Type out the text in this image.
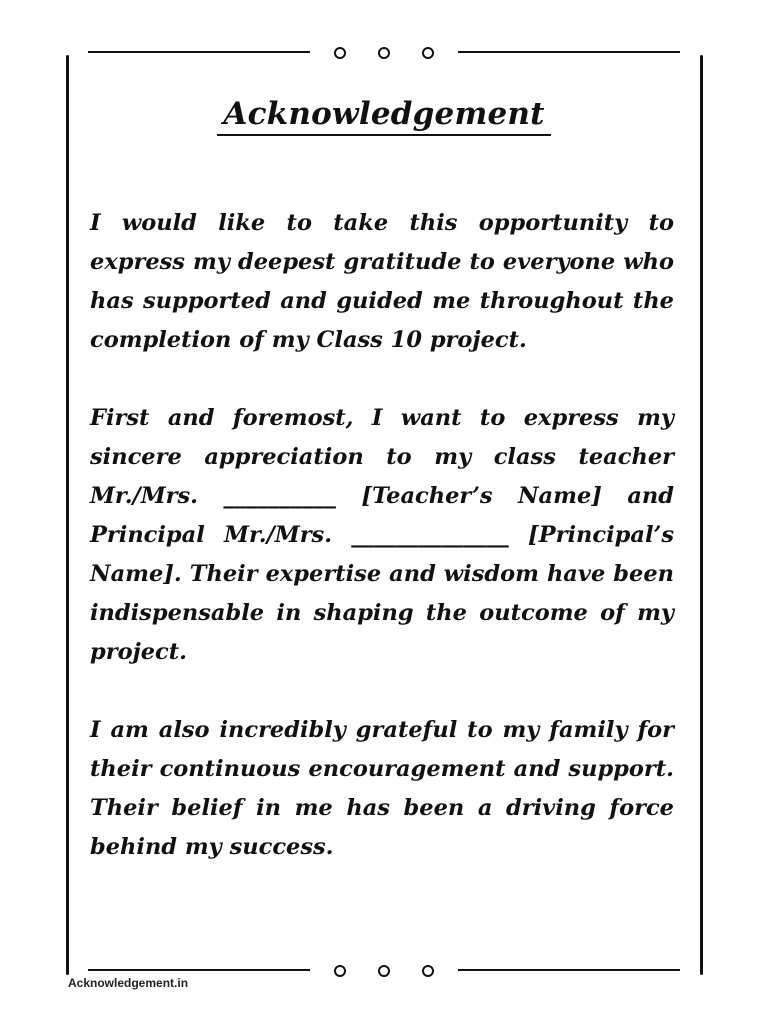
Acknowledgement

I would like to take this opportunity to express my deepest gratitude to everyone who has supported and guided me throughout the completion of my Class 10 project.

First and foremost, I want to express my sincere appreciation to my class teacher Mr./Mrs. __________ [Teacher’s Name] and Principal Mr./Mrs. ______________ [Principal’s Name]. Their expertise and wisdom have been indispensable in shaping the outcome of my project.

I am also incredibly grateful to my family for their continuous encouragement and support. Their belief in me has been a driving force behind my success.

Acknowledgement.in
